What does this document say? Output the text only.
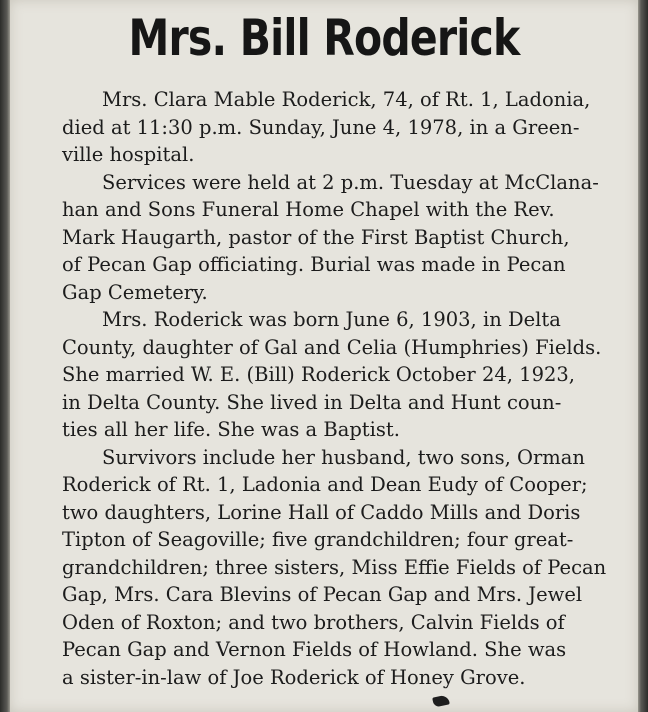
Mrs. Bill Roderick
Mrs. Clara Mable Roderick, 74, of Rt. 1, Ladonia,
died at 11:30 p.m. Sunday, June 4, 1978, in a Green-
ville hospital.
Services were held at 2 p.m. Tuesday at McClana-
han and Sons Funeral Home Chapel with the Rev.
Mark Haugarth, pastor of the First Baptist Church,
of Pecan Gap officiating. Burial was made in Pecan
Gap Cemetery.
Mrs. Roderick was born June 6, 1903, in Delta
County, daughter of Gal and Celia (Humphries) Fields.
She married W. E. (Bill) Roderick October 24, 1923,
in Delta County. She lived in Delta and Hunt coun-
ties all her life. She was a Baptist.
Survivors include her husband, two sons, Orman
Roderick of Rt. 1, Ladonia and Dean Eudy of Cooper;
two daughters, Lorine Hall of Caddo Mills and Doris
Tipton of Seagoville; five grandchildren; four great-
grandchildren; three sisters, Miss Effie Fields of Pecan
Gap, Mrs. Cara Blevins of Pecan Gap and Mrs. Jewel
Oden of Roxton; and two brothers, Calvin Fields of
Pecan Gap and Vernon Fields of Howland. She was
a sister-in-law of Joe Roderick of Honey Grove.
